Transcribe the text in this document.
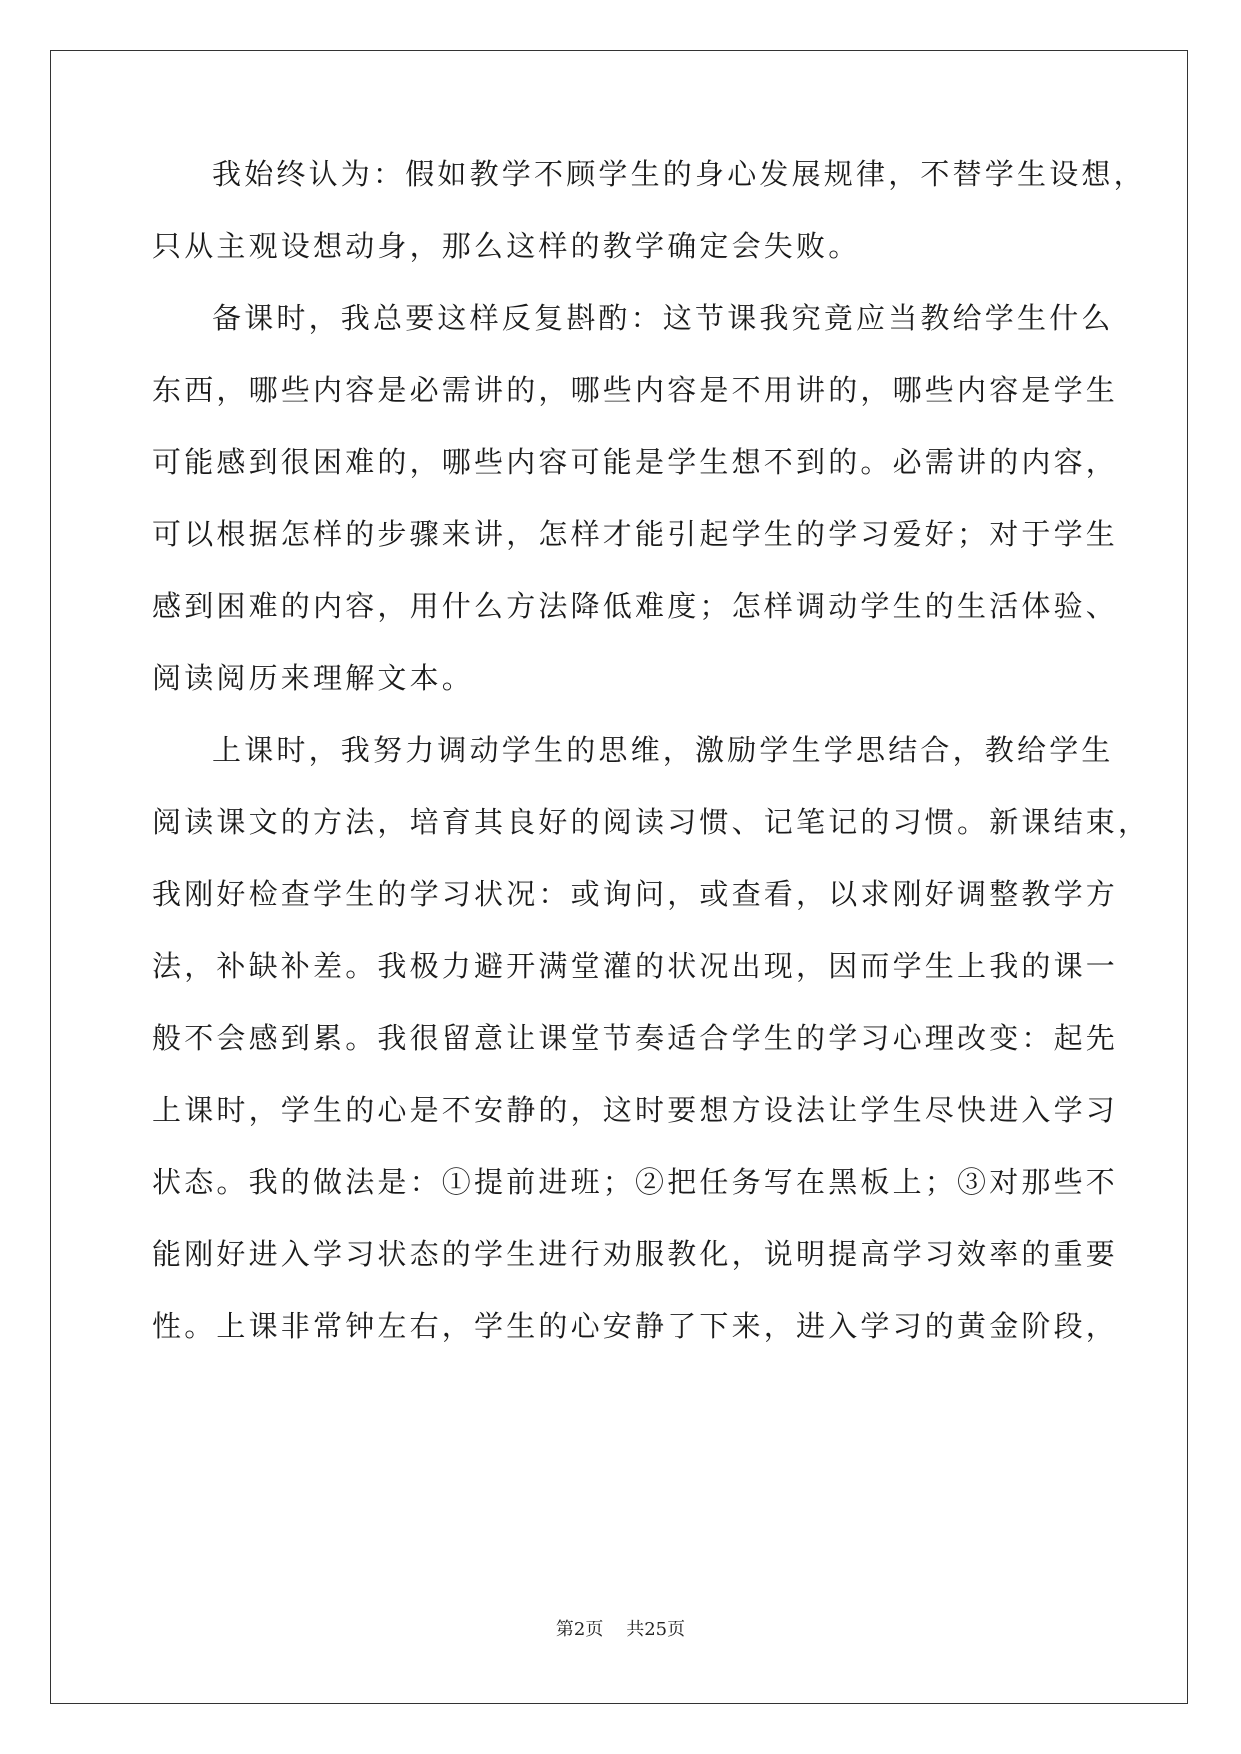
我始终认为：假如教学不顾学生的身心发展规律，不替学生设想，
只从主观设想动身，那么这样的教学确定会失败。
备课时，我总要这样反复斟酌：这节课我究竟应当教给学生什么
东西，哪些内容是必需讲的，哪些内容是不用讲的，哪些内容是学生
可能感到很困难的，哪些内容可能是学生想不到的。必需讲的内容，
可以根据怎样的步骤来讲，怎样才能引起学生的学习爱好；对于学生
感到困难的内容，用什么方法降低难度；怎样调动学生的生活体验、
阅读阅历来理解文本。
上课时，我努力调动学生的思维，激励学生学思结合，教给学生
阅读课文的方法，培育其良好的阅读习惯、记笔记的习惯。新课结束，
我刚好检查学生的学习状况：或询问，或查看，以求刚好调整教学方
法，补缺补差。我极力避开满堂灌的状况出现，因而学生上我的课一
般不会感到累。我很留意让课堂节奏适合学生的学习心理改变：起先
上课时，学生的心是不安静的，这时要想方设法让学生尽快进入学习
状态。我的做法是：①提前进班；②把任务写在黑板上；③对那些不
能刚好进入学习状态的学生进行劝服教化，说明提高学习效率的重要
性。上课非常钟左右，学生的心安静了下来，进入学习的黄金阶段，
第2页 共25页
